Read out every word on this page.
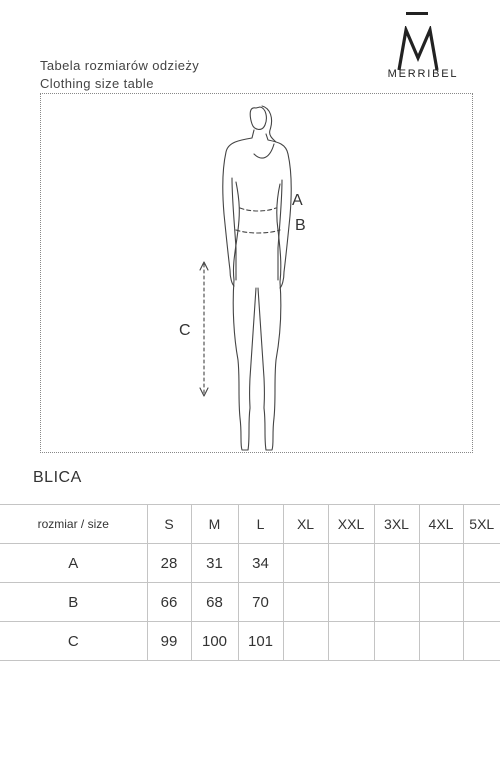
Tabela rozmiarów odzieży
Clothing size table
MERRIBEL
A
B
C
BLICA
rozmiar / size	S	M	L	XL	XXL	3XL	4XL	5XL
A	28	31	34					
B	66	68	70					
C	99	100	101					
